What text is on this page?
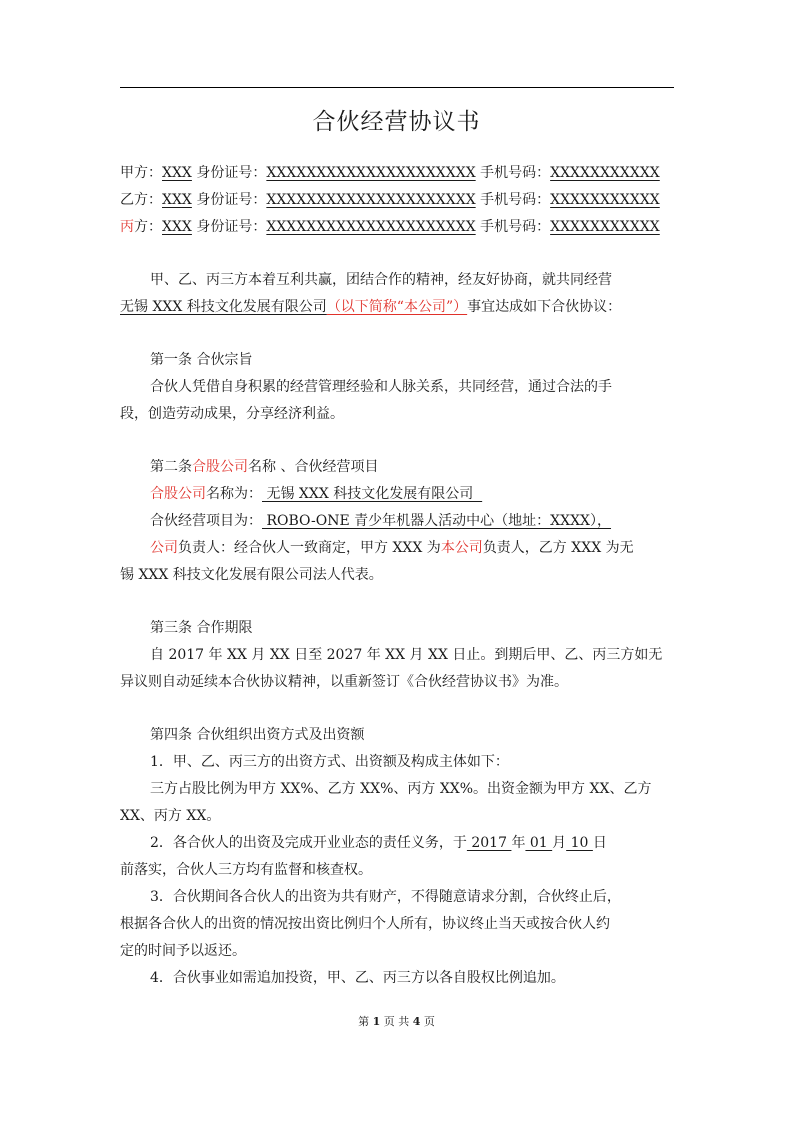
合伙经营协议书
甲方：XXX 身份证号：XXXXXXXXXXXXXXXXXXXXX 手机号码：XXXXXXXXXXX
乙方：XXX 身份证号：XXXXXXXXXXXXXXXXXXXXX 手机号码：XXXXXXXXXXX
丙方：XXX 身份证号：XXXXXXXXXXXXXXXXXXXXX 手机号码：XXXXXXXXXXX
甲、乙、丙三方本着互利共赢，团结合作的精神，经友好协商，就共同经营
无锡 XXX 科技文化发展有限公司（以下简称“本公司”）事宜达成如下合伙协议：
第一条 合伙宗旨
合伙人凭借自身积累的经营管理经验和人脉关系，共同经营，通过合法的手
段，创造劳动成果，分享经济利益。
第二条合股公司名称 、合伙经营项目
合股公司名称为： 无锡 XXX 科技文化发展有限公司
合伙经营项目为： ROBO-ONE 青少年机器人活动中心（地址：XXXX），
公司负责人：经合伙人一致商定，甲方 XXX 为本公司负责人，乙方 XXX 为无
锡 XXX 科技文化发展有限公司法人代表。
第三条 合作期限
自 2017 年 XX 月 XX 日至 2027 年 XX 月 XX 日止。到期后甲、乙、丙三方如无
异议则自动延续本合伙协议精神，以重新签订《合伙经营协议书》为准。
第四条 合伙组织出资方式及出资额
1．甲、乙、丙三方的出资方式、出资额及构成主体如下：
三方占股比例为甲方 XX%、乙方 XX%、丙方 XX%。出资金额为甲方 XX、乙方
XX、丙方 XX。
2．各合伙人的出资及完成开业业态的责任义务，于 2017 年 01 月 10 日
前落实，合伙人三方均有监督和核查权。
3．合伙期间各合伙人的出资为共有财产，不得随意请求分割，合伙终止后，
根据各合伙人的出资的情况按出资比例归个人所有，协议终止当天或按合伙人约
定的时间予以返还。
4．合伙事业如需追加投资，甲、乙、丙三方以各自股权比例追加。
第 1 页 共 4 页
